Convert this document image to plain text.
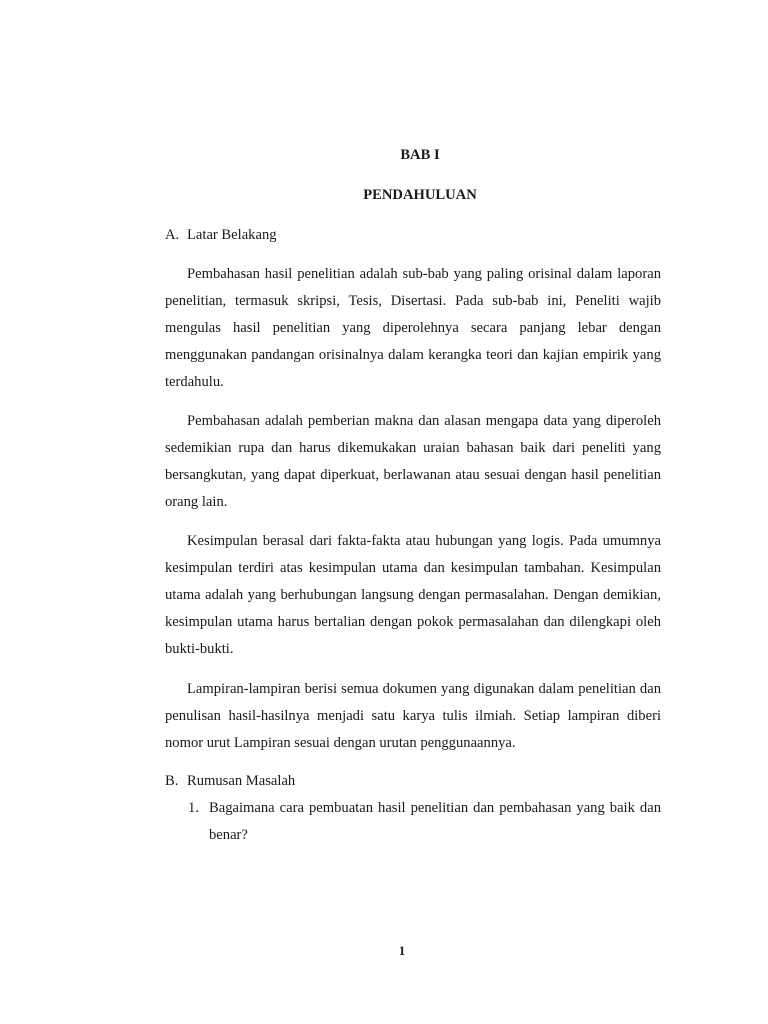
BAB I
PENDAHULUAN
A. Latar Belakang

Pembahasan hasil penelitian adalah sub-bab yang paling orisinal dalam laporan penelitian, termasuk skripsi, Tesis, Disertasi. Pada sub-bab ini, Peneliti wajib mengulas hasil penelitian yang diperolehnya secara panjang lebar dengan menggunakan pandangan orisinalnya dalam kerangka teori dan kajian empirik yang terdahulu.

Pembahasan adalah pemberian makna dan alasan mengapa data yang diperoleh sedemikian rupa dan harus dikemukakan uraian bahasan baik dari peneliti yang bersangkutan, yang dapat diperkuat, berlawanan atau sesuai dengan hasil penelitian orang lain.

Kesimpulan berasal dari fakta-fakta atau hubungan yang logis. Pada umumnya kesimpulan terdiri atas kesimpulan utama dan kesimpulan tambahan. Kesimpulan utama adalah yang berhubungan langsung dengan permasalahan. Dengan demikian, kesimpulan utama harus bertalian dengan pokok permasalahan dan dilengkapi oleh bukti-bukti.

Lampiran-lampiran berisi semua dokumen yang digunakan dalam penelitian dan penulisan hasil-hasilnya menjadi satu karya tulis ilmiah. Setiap lampiran diberi nomor urut Lampiran sesuai dengan urutan penggunaannya.

B. Rumusan Masalah
1. Bagaimana cara pembuatan hasil penelitian dan pembahasan yang baik dan benar?
1
